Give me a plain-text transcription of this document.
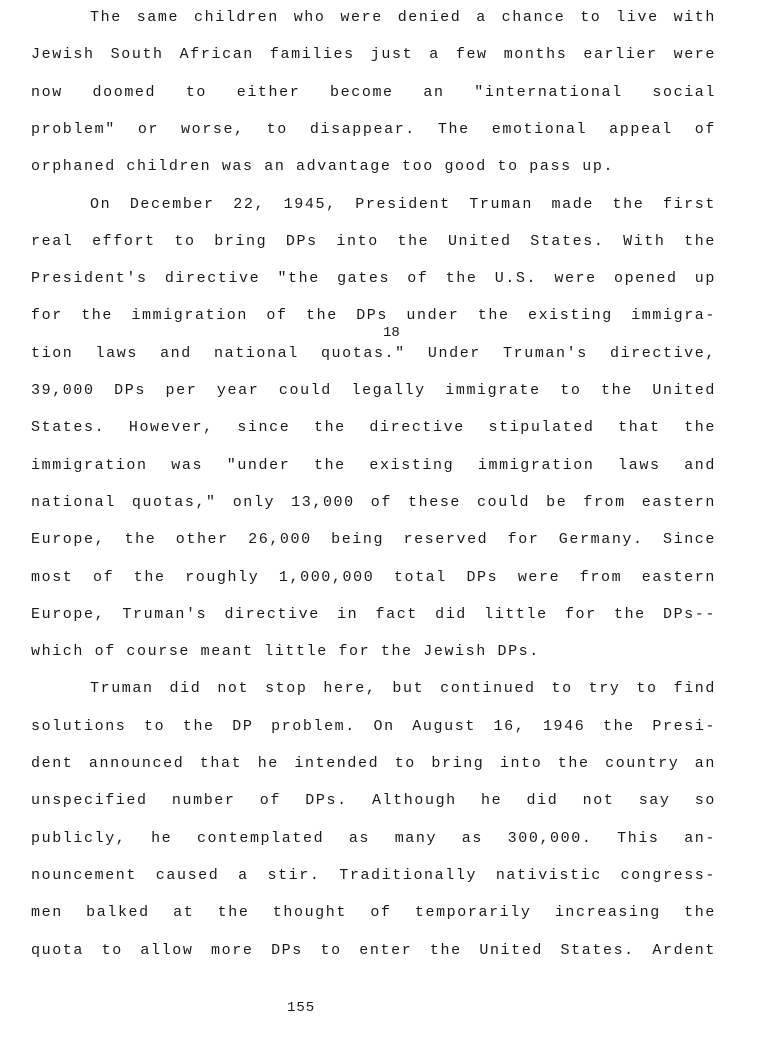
The same children who were denied a chance to live with
Jewish South African families just a few months earlier were
now doomed to either become an "international social
problem" or worse, to disappear. The emotional appeal of
orphaned children was an advantage too good to pass up.
On December 22, 1945, President Truman made the first
real effort to bring DPs into the United States. With the
President's directive "the gates of the U.S. were opened up
for the immigration of the DPs under the existing immigra-
tion laws and national quotas." Under Truman's directive,
39,000 DPs per year could legally immigrate to the United
States. However, since the directive stipulated that the
immigration was "under the existing immigration laws and
national quotas," only 13,000 of these could be from eastern
Europe, the other 26,000 being reserved for Germany. Since
most of the roughly 1,000,000 total DPs were from eastern
Europe, Truman's directive in fact did little for the DPs--
which of course meant little for the Jewish DPs.
Truman did not stop here, but continued to try to find
solutions to the DP problem. On August 16, 1946 the Presi-
dent announced that he intended to bring into the country an
unspecified number of DPs. Although he did not say so
publicly, he contemplated as many as 300,000. This an-
nouncement caused a stir. Traditionally nativistic congress-
men balked at the thought of temporarily increasing the
quota to allow more DPs to enter the United States. Ardent
18
155
